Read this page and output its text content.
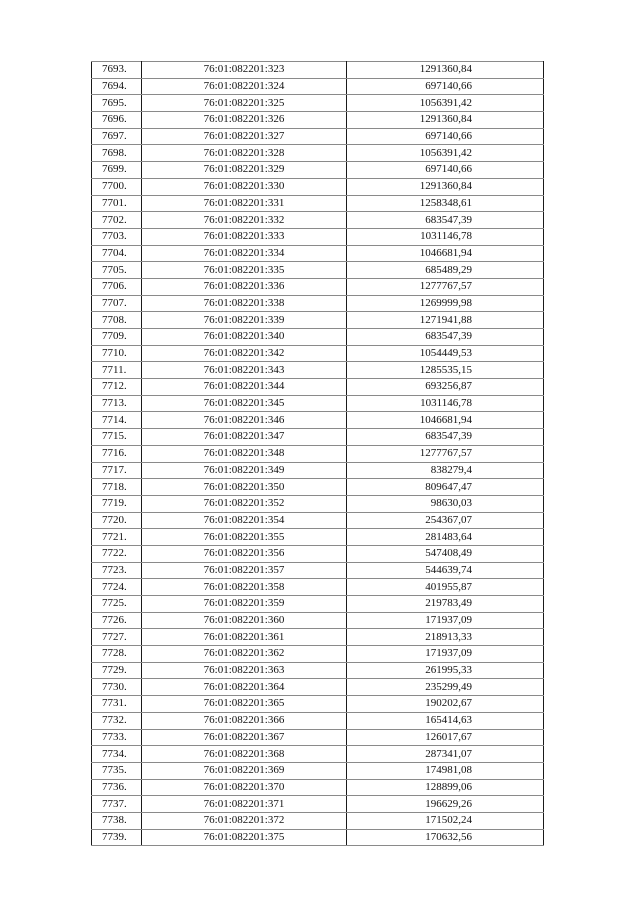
7693.	76:01:082201:323	1291360,84
7694.	76:01:082201:324	697140,66
7695.	76:01:082201:325	1056391,42
7696.	76:01:082201:326	1291360,84
7697.	76:01:082201:327	697140,66
7698.	76:01:082201:328	1056391,42
7699.	76:01:082201:329	697140,66
7700.	76:01:082201:330	1291360,84
7701.	76:01:082201:331	1258348,61
7702.	76:01:082201:332	683547,39
7703.	76:01:082201:333	1031146,78
7704.	76:01:082201:334	1046681,94
7705.	76:01:082201:335	685489,29
7706.	76:01:082201:336	1277767,57
7707.	76:01:082201:338	1269999,98
7708.	76:01:082201:339	1271941,88
7709.	76:01:082201:340	683547,39
7710.	76:01:082201:342	1054449,53
7711.	76:01:082201:343	1285535,15
7712.	76:01:082201:344	693256,87
7713.	76:01:082201:345	1031146,78
7714.	76:01:082201:346	1046681,94
7715.	76:01:082201:347	683547,39
7716.	76:01:082201:348	1277767,57
7717.	76:01:082201:349	838279,4
7718.	76:01:082201:350	809647,47
7719.	76:01:082201:352	98630,03
7720.	76:01:082201:354	254367,07
7721.	76:01:082201:355	281483,64
7722.	76:01:082201:356	547408,49
7723.	76:01:082201:357	544639,74
7724.	76:01:082201:358	401955,87
7725.	76:01:082201:359	219783,49
7726.	76:01:082201:360	171937,09
7727.	76:01:082201:361	218913,33
7728.	76:01:082201:362	171937,09
7729.	76:01:082201:363	261995,33
7730.	76:01:082201:364	235299,49
7731.	76:01:082201:365	190202,67
7732.	76:01:082201:366	165414,63
7733.	76:01:082201:367	126017,67
7734.	76:01:082201:368	287341,07
7735.	76:01:082201:369	174981,08
7736.	76:01:082201:370	128899,06
7737.	76:01:082201:371	196629,26
7738.	76:01:082201:372	171502,24
7739.	76:01:082201:375	170632,56
